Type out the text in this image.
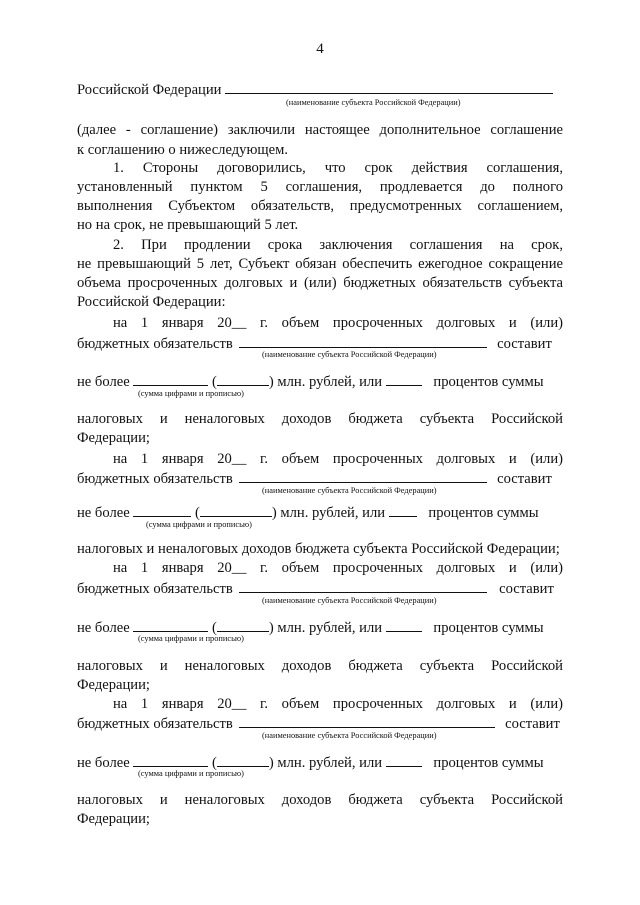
4
Российской Федерации
(наименование субъекта Российской Федерации)
(далее - соглашение) заключили настоящее дополнительное соглашение
к соглашению о нижеследующем.
1. Стороны договорились, что срок действия соглашения,
установленный пунктом 5 соглашения, продлевается до полного
выполнения Субъектом обязательств, предусмотренных соглашением,
но на срок, не превышающий 5 лет.
2. При продлении срока заключения соглашения на срок,
не превышающий 5 лет, Субъект обязан обеспечить ежегодное сокращение
объема просроченных долговых и (или) бюджетных обязательств субъекта
Российской Федерации:
на 1 января 20__ г. объем просроченных долговых и (или)
бюджетных обязательств	составит
(наименование субъекта Российской Федерации)
не более	(	) млн. рублей, или	процентов суммы
(сумма цифрами и прописью)
налоговых и неналоговых доходов бюджета субъекта Российской
Федерации;
на 1 января 20__ г. объем просроченных долговых и (или)
бюджетных обязательств	составит
(наименование субъекта Российской Федерации)
не более	(	) млн. рублей, или	процентов суммы
(сумма цифрами и прописью)
налоговых и неналоговых доходов бюджета субъекта Российской Федерации;
на 1 января 20__ г. объем просроченных долговых и (или)
бюджетных обязательств	составит
(наименование субъекта Российской Федерации)
не более	(	) млн. рублей, или	процентов суммы
(сумма цифрами и прописью)
налоговых и неналоговых доходов бюджета субъекта Российской
Федерации;
на 1 января 20__ г. объем просроченных долговых и (или)
бюджетных обязательств	составит
(наименование субъекта Российской Федерации)
не более	(	) млн. рублей, или	процентов суммы
(сумма цифрами и прописью)
налоговых и неналоговых доходов бюджета субъекта Российской
Федерации;
